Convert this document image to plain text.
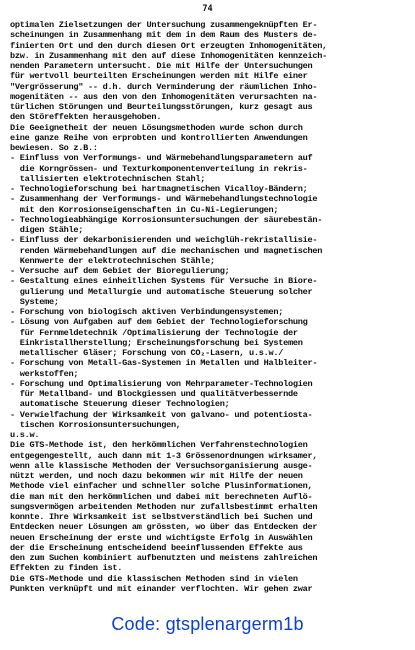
74
optimalen Zielsetzungen der Untersuchung zusammengeknüpften Er-
scheinungen in Zusammenhang mit dem in dem Raum des Musters de-
finierten Ort und den durch diesen Ort erzeugten Inhomogenitäten,
bzw. in Zusammenhang mit den auf diese Inhomogenitäten kennzeich-
nenden Parametern untersucht. Die mit Hilfe der Untersuchungen
für wertvoll beurteilten Erscheinungen werden mit Hilfe einer
"Vergrösserung" -- d.h. durch Verminderung der räumlichen Inho-
mogenitäten -- aus den von den Inhomogenitäten verursachten na-
türlichen Störungen und Beurteilungsstörungen, kurz gesagt aus
den Störeffekten herausgehoben.
Die Geeignetheit der neuen Lösungsmethoden wurde schon durch
eine ganze Reihe von erprobten und kontrollierten Anwendungen
bewiesen. So z.B.:
- Einfluss von Verformungs- und Wärmebehandlungsparametern auf
die Korngrössen- und Texturkomponentenverteilung in rekris-
tallisierten elektrotechnischen Stahl;
- Technologieforschung bei hartmagnetischen Vicalloy-Bändern;
- Zusammenhang der Verformungs- und Wärmebehandlungstechnologie
mit den Korrosionseigenschaften in Cu-Ni-Legierungen;
- Technologieabhängige Korrosionsuntersuchungen der säurebestän-
digen Stähle;
- Einfluss der dekarbonisierenden und weichglüh-rekristallisie-
renden Wärmebehandlungen auf die mechanischen und magnetischen
Kennwerte der elektrotechnischen Stähle;
- Versuche auf dem Gebiet der Bioregulierung;
- Gestaltung eines einheitlichen Systems für Versuche in Biore-
gulierung und Metallurgie und automatische Steuerung solcher
Systeme;
- Forschung von biologisch aktiven Verbindungensystemen;
- Lösung von Aufgaben auf dem Gebiet der Technologieforschung
für Fernmeldetechnik /Optimalisierung der Technologie der
Einkristallherstellung; Erscheinungsforschung bei Systemen
metallischer Gläser; Forschung von CO₂-Lasern, u.s.w./
- Forschung von Metall-Gas-Systemen in Metallen und Halbleiter-
werkstoffen;
- Forschung und Optimalisierung von Mehrparameter-Technologien
für Metallband- und Blockgiessen und qualitätverbessernde
automatische Steuerung dieser Technologien;
- Verwielfachung der Wirksamkeit von galvano- und potentiosta-
tischen Korrosionsuntersuchungen,
u.s.w.
Die GTS-Methode ist, den herkömmlichen Verfahrenstechnologien
entgegengestellt, auch dann mit 1-3 Grössenordnungen wirksamer,
wenn alle klassische Methoden der Versuchsorganisierung ausge-
nützt werden, und noch dazu bekommen wir mit Hilfe der neuen
Methode viel einfacher und schneller solche Plusinformationen,
die man mit den herkömmlichen und dabei mit berechneten Auflö-
sungsvermögen arbeitenden Methoden nur zufallsbestimmt erhalten
konnte. Ihre Wirksamkeit ist selbstverständlich bei Suchen und
Entdecken neuer Lösungen am grössten, wo über das Entdecken der
neuen Erscheinung der erste und wichtigste Erfolg in Auswählen
der die Erscheinung entscheidend beeinflussenden Effekte aus
den zum Suchen kombiniert aufbenutzten und meistens zahlreichen
Effekten zu finden ist.
Die GTS-Methode und die klassischen Methoden sind in vielen
Punkten verknüpft und mit einander verflochten. Wir gehen zwar
Code: gtsplenargerm1b
